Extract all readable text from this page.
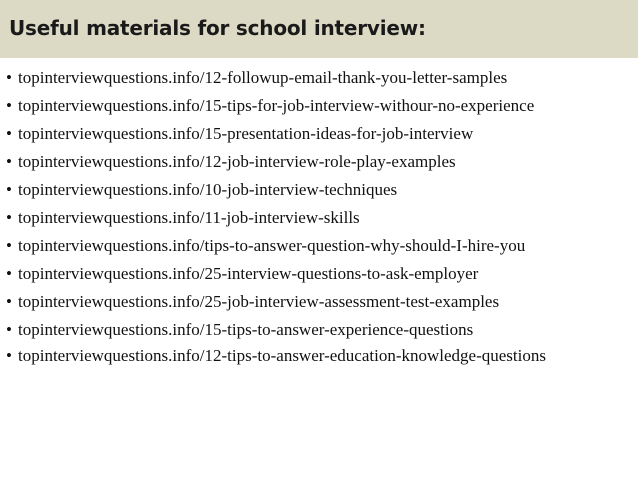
Useful materials for school interview:
• topinterviewquestions.info/12-followup-email-thank-you-letter-samples
• topinterviewquestions.info/15-tips-for-job-interview-withour-no-experience
• topinterviewquestions.info/15-presentation-ideas-for-job-interview
• topinterviewquestions.info/12-job-interview-role-play-examples
• topinterviewquestions.info/10-job-interview-techniques
• topinterviewquestions.info/11-job-interview-skills
• topinterviewquestions.info/tips-to-answer-question-why-should-I-hire-you
• topinterviewquestions.info/25-interview-questions-to-ask-employer
• topinterviewquestions.info/25-job-interview-assessment-test-examples
• topinterviewquestions.info/15-tips-to-answer-experience-questions
• topinterviewquestions.info/12-tips-to-answer-education-knowledge-questions
